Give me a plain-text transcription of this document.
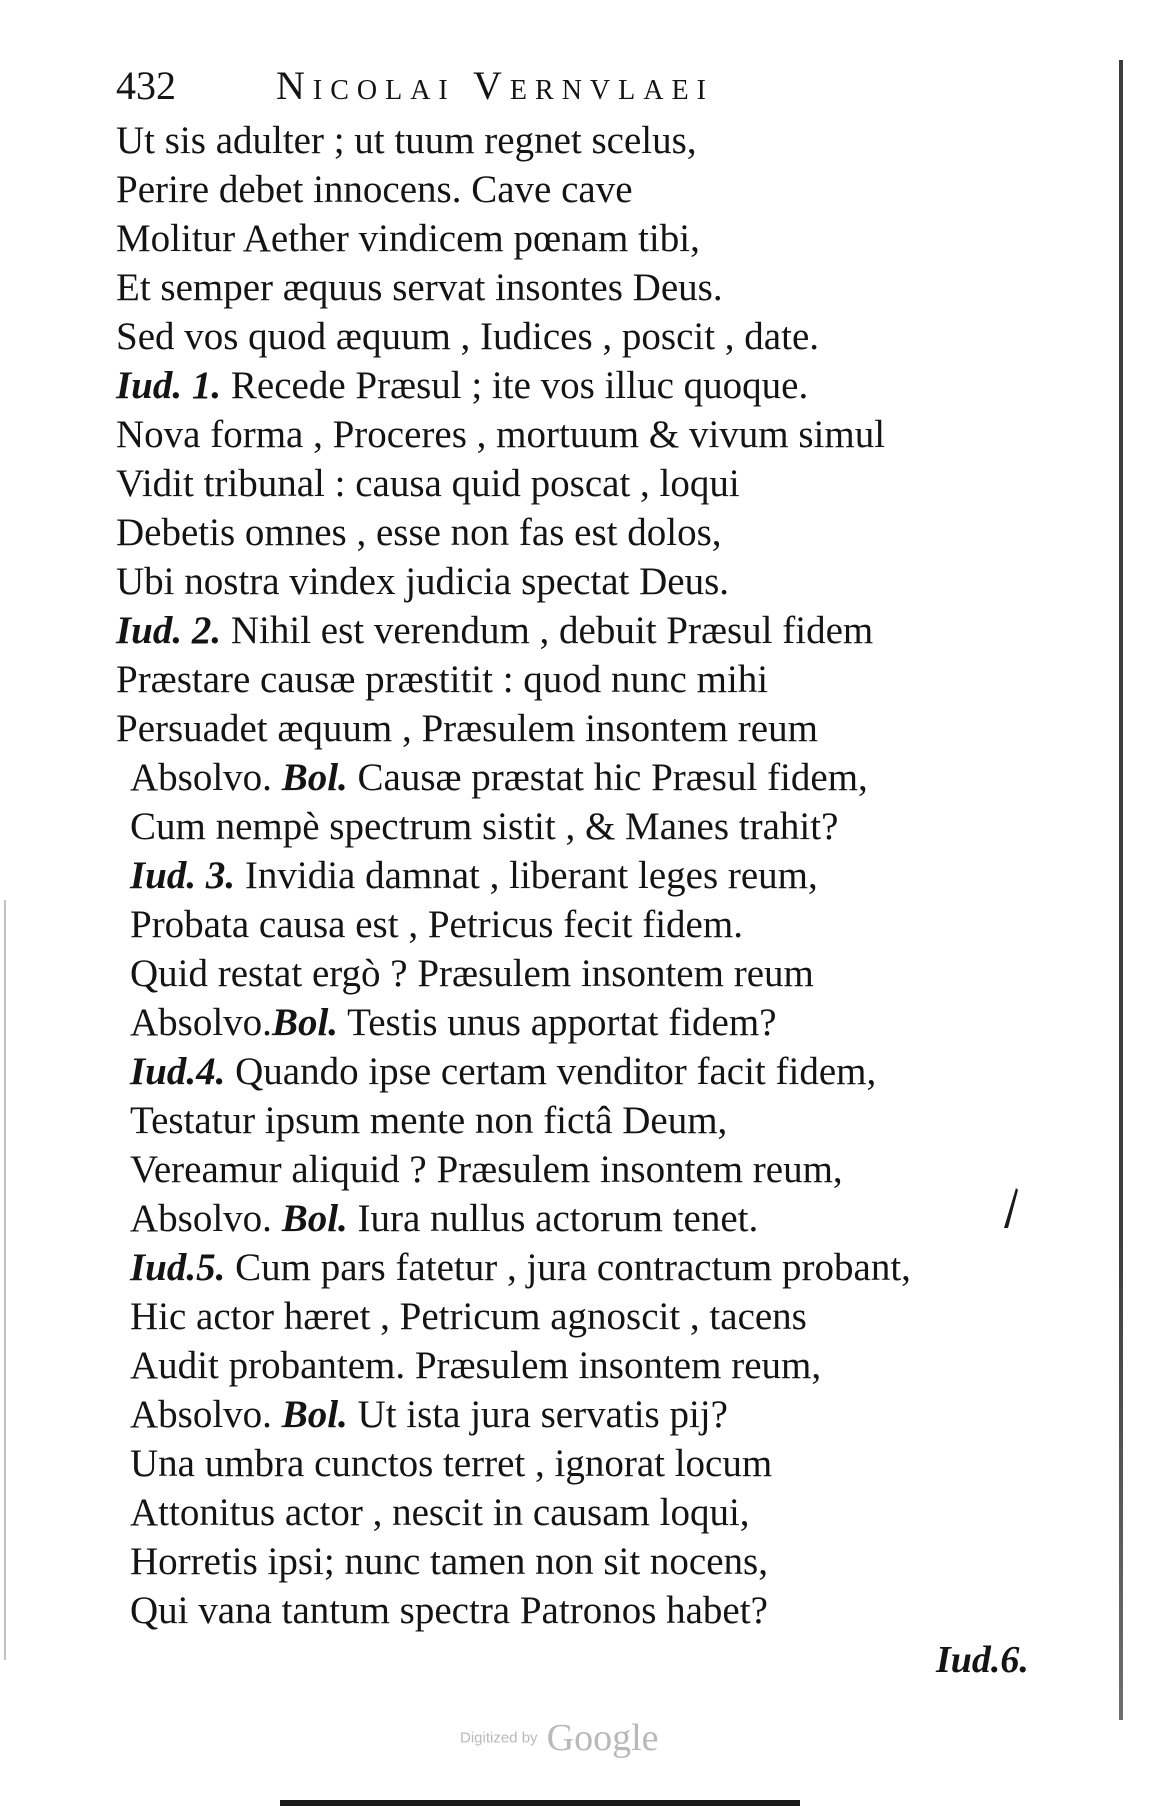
432	Nicolai Vernvlaei
Ut sis adulter ; ut tuum regnet scelus,
Perire debet innocens. Cave cave
Molitur Aether vindicem pœnam tibi,
Et semper æquus servat insontes Deus.
Sed vos quod æquum , Iudices , poscit , date.
Iud. 1. Recede Præsul ; ite vos illuc quoque.
Nova forma , Proceres , mortuum & vivum simul
Vidit tribunal : causa quid poscat , loqui
Debetis omnes , esse non fas est dolos,
Ubi nostra vindex judicia spectat Deus.
Iud. 2. Nihil est verendum , debuit Præsul fidem
Præstare causæ præstitit : quod nunc mihi
Persuadet æquum , Præsulem insontem reum
Absolvo. Bol. Causæ præstat hic Præsul fidem,
Cum nempè spectrum sistit , & Manes trahit?
Iud. 3. Invidia damnat , liberant leges reum,
Probata causa est , Petricus fecit fidem.
Quid restat ergò ? Præsulem insontem reum
Absolvo.Bol. Testis unus apportat fidem?
Iud.4. Quando ipse certam venditor facit fidem,
Testatur ipsum mente non fictâ Deum,
Vereamur aliquid ? Præsulem insontem reum,
Absolvo. Bol. Iura nullus actorum tenet.
Iud.5. Cum pars fatetur , jura contractum probant,
Hic actor hæret , Petricum agnoscit , tacens
Audit probantem. Præsulem insontem reum,
Absolvo. Bol. Ut ista jura servatis pij?
Una umbra cunctos terret , ignorat locum
Attonitus actor , nescit in causam loqui,
Horretis ipsi; nunc tamen non sit nocens,
Qui vana tantum spectra Patronos habet?
Iud.6.
Digitized by Google
